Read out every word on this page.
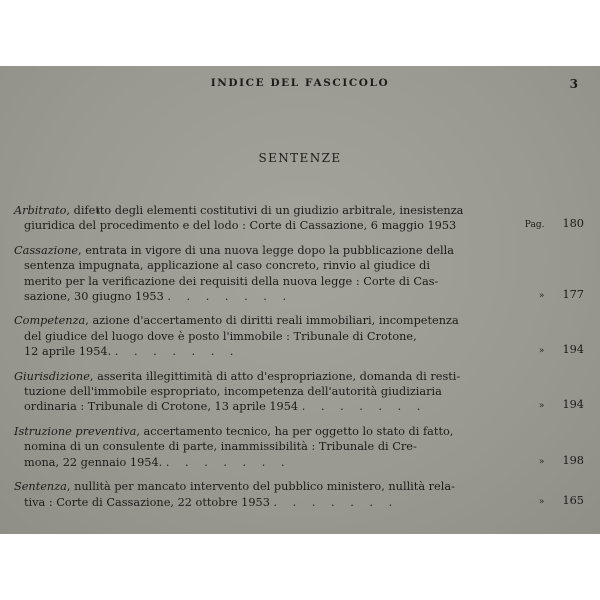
INDICE DEL FASCICOLO	3
SENTENZE
Arbitrato, difetto degli elementi costitutivi di un giudizio arbitrale, inesistenza
giuridica del procedimento e del lodo : Corte di Cassazione, 6 maggio 1953	Pag. 180
Cassazione, entrata in vigore di una nuova legge dopo la pubblicazione della
sentenza impugnata, applicazione al caso concreto, rinvio al giudice di
merito per la verificazione dei requisiti della nuova legge : Corte di Cas-
sazione, 30 giugno 1953 . . . . . . .	» 177
Competenza, azione d'accertamento di diritti reali immobiliari, incompetenza
del giudice del luogo dove è posto l'immobile : Tribunale di Crotone,
12 aprile 1954. . . . . . . .	» 194
Giurisdizione, asserita illegittimità di atto d'espropriazione, domanda di resti-
tuzione dell'immobile espropriato, incompetenza dell'autorità giudiziaria
ordinaria : Tribunale di Crotone, 13 aprile 1954 . . . . . . .	» 194
Istruzione preventiva, accertamento tecnico, ha per oggetto lo stato di fatto,
nomina di un consulente di parte, inammissibilità : Tribunale di Cre-
mona, 22 gennaio 1954. . . . . . . .	» 198
Sentenza, nullità per mancato intervento del pubblico ministero, nullità rela-
tiva : Corte di Cassazione, 22 ottobre 1953 . . . . . . .	» 165
